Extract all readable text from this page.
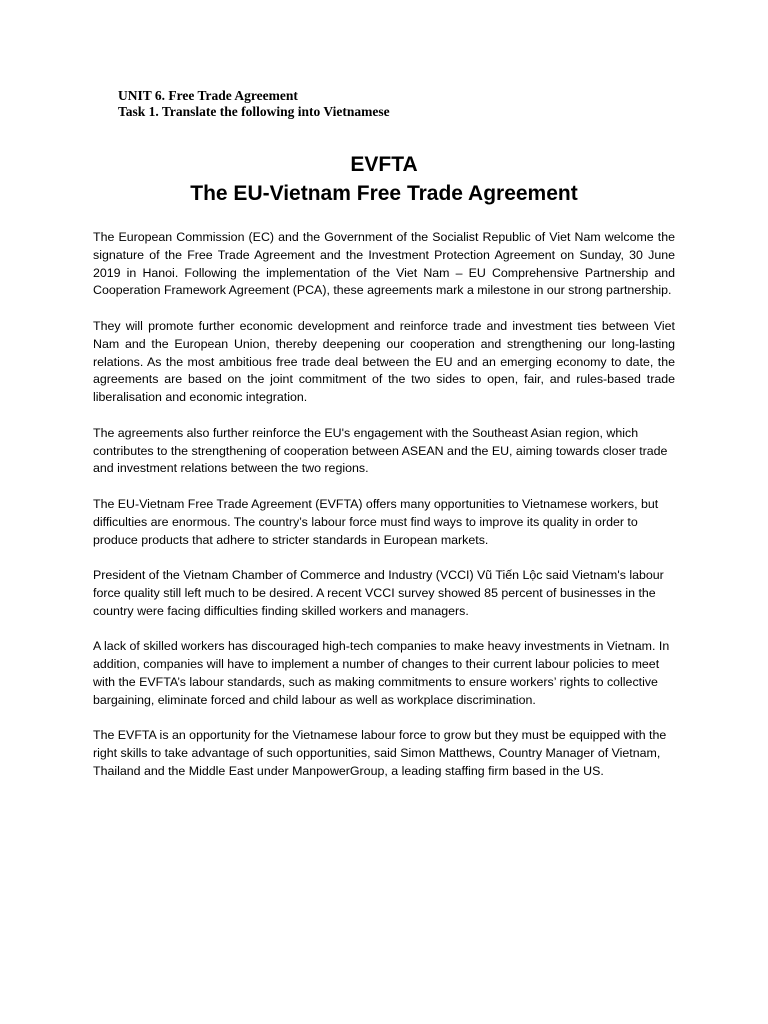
UNIT 6. Free Trade Agreement
Task 1. Translate the following into Vietnamese
EVFTA
The EU-Vietnam Free Trade Agreement

The European Commission (EC) and the Government of the Socialist Republic of Viet Nam welcome the signature of the Free Trade Agreement and the Investment Protection Agreement on Sunday, 30 June 2019 in Hanoi. Following the implementation of the Viet Nam – EU Comprehensive Partnership and Cooperation Framework Agreement (PCA), these agreements mark a milestone in our strong partnership.

They will promote further economic development and reinforce trade and investment ties between Viet Nam and the European Union, thereby deepening our cooperation and strengthening our long-lasting relations. As the most ambitious free trade deal between the EU and an emerging economy to date, the agreements are based on the joint commitment of the two sides to open, fair, and rules-based trade liberalisation and economic integration.

The agreements also further reinforce the EU's engagement with the Southeast Asian region, which contributes to the strengthening of cooperation between ASEAN and the EU, aiming towards closer trade and investment relations between the two regions.

The EU-Vietnam Free Trade Agreement (EVFTA) offers many opportunities to Vietnamese workers, but difficulties are enormous. The country’s labour force must find ways to improve its quality in order to produce products that adhere to stricter standards in European markets.

President of the Vietnam Chamber of Commerce and Industry (VCCI) Vũ Tiến Lộc said Vietnam's labour force quality still left much to be desired. A recent VCCI survey showed 85 percent of businesses in the country were facing difficulties finding skilled workers and managers.

A lack of skilled workers has discouraged high-tech companies to make heavy investments in Vietnam. In addition, companies will have to implement a number of changes to their current labour policies to meet with the EVFTA’s labour standards, such as making commitments to ensure workers’ rights to collective bargaining, eliminate forced and child labour as well as workplace discrimination.

The EVFTA is an opportunity for the Vietnamese labour force to grow but they must be equipped with the right skills to take advantage of such opportunities, said Simon Matthews, Country Manager of Vietnam, Thailand and the Middle East under ManpowerGroup, a leading staffing firm based in the US.
